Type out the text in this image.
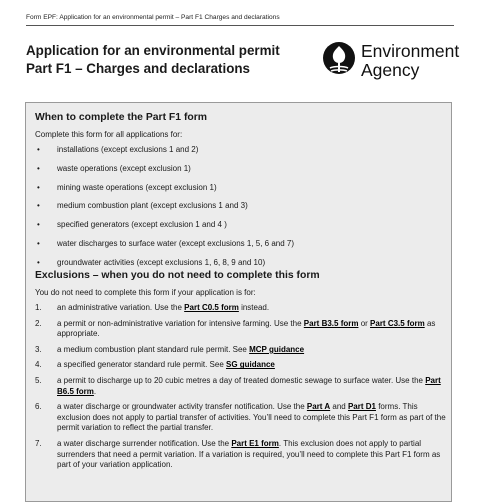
Form EPF: Application for an environmental permit – Part F1 Charges and declarations
Application for an environmental permit
Part F1 – Charges and declarations
Environment
Agency
When to complete the Part F1 form
Complete this form for all applications for:
• installations (except exclusions 1 and 2)
• waste operations (except exclusion 1)
• mining waste operations (except exclusion 1)
• medium combustion plant (except exclusions 1 and 3)
• specified generators (except exclusion 1 and 4 )
• water discharges to surface water (except exclusions 1, 5, 6 and 7)
• groundwater activities (except exclusions 1, 6, 8, 9 and 10)
Exclusions – when you do not need to complete this form
You do not need to complete this form if your application is for:
1. an administrative variation. Use the Part C0.5 form instead.
2. a permit or non-administrative variation for intensive farming. Use the Part B3.5 form or Part C3.5 form as appropriate.
3. a medium combustion plant standard rule permit. See MCP guidance
4. a specified generator standard rule permit. See SG guidance
5. a permit to discharge up to 20 cubic metres a day of treated domestic sewage to surface water. Use the Part B6.5 form.
6. a water discharge or groundwater activity transfer notification. Use the Part A and Part D1 forms. This exclusion does not apply to partial transfer of activities. You’ll need to complete this Part F1 form as part of the permit variation to reflect the partial transfer.
7. a water discharge surrender notification. Use the Part E1 form. This exclusion does not apply to partial surrenders that need a permit variation. If a variation is required, you’ll need to complete this Part F1 form as part of your variation application.
